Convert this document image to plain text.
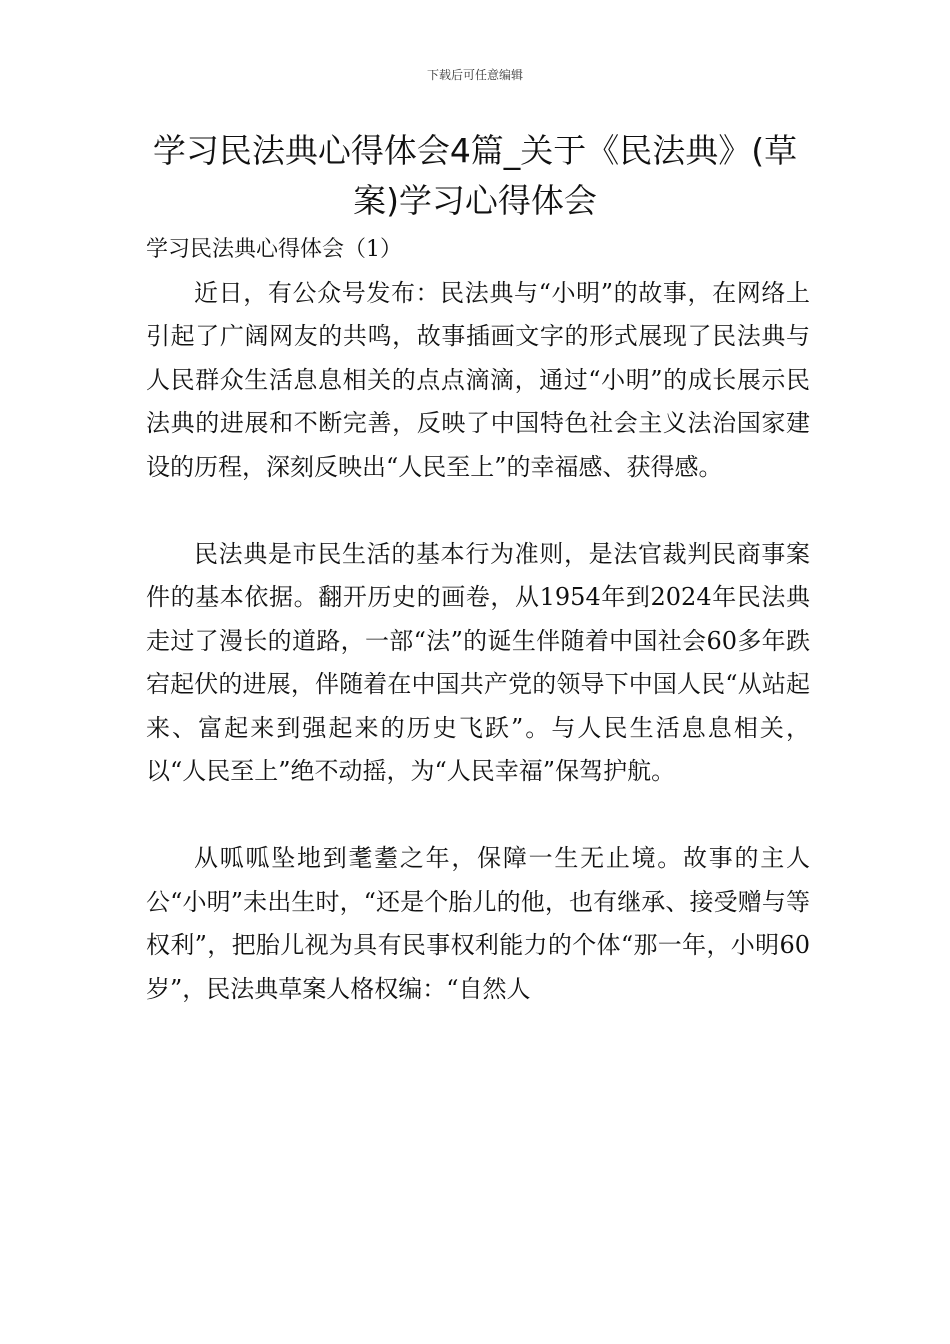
下载后可任意编辑
学习民法典心得体会4篇_关于《民法典》(草案)学习心得体会
学习民法典心得体会（1）

近日，有公众号发布：民法典与“小明”的故事，在网络上引起了广阔网友的共鸣，故事插画文字的形式展现了民法典与人民群众生活息息相关的点点滴滴，通过“小明”的成长展示民法典的进展和不断完善，反映了中国特色社会主义法治国家建设的历程，深刻反映出“人民至上”的幸福感、获得感。

民法典是市民生活的基本行为准则，是法官裁判民商事案件的基本依据。翻开历史的画卷，从1954年到2024年民法典走过了漫长的道路，一部“法”的诞生伴随着中国社会60多年跌宕起伏的进展，伴随着在中国共产党的领导下中国人民“从站起来、富起来到强起来的历史飞跃”。与人民生活息息相关，以“人民至上”绝不动摇，为“人民幸福”保驾护航。

从呱呱坠地到耄耋之年，保障一生无止境。故事的主人公“小明”未出生时，“还是个胎儿的他，也有继承、接受赠与等权利”，把胎儿视为具有民事权利能力的个体“那一年，小明60岁”，民法典草案人格权编：“自然人
